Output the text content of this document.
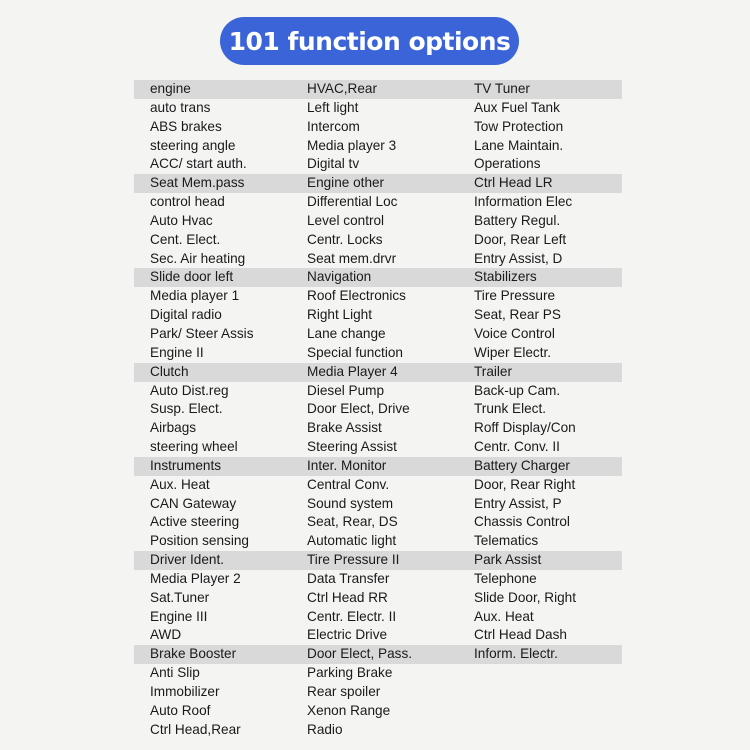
101 function options
engine	HVAC,Rear	TV Tuner
auto trans	Left light	Aux Fuel Tank
ABS brakes	Intercom	Tow Protection
steering angle	Media player 3	Lane Maintain.
ACC/ start auth.	Digital tv	Operations
Seat Mem.pass	Engine other	Ctrl Head LR
control head	Differential Loc	Information Elec
Auto Hvac	Level control	Battery Regul.
Cent. Elect.	Centr. Locks	Door, Rear Left
Sec. Air heating	Seat mem.drvr	Entry Assist, D
Slide door left	Navigation	Stabilizers
Media player 1	Roof Electronics	Tire Pressure
Digital radio	Right Light	Seat, Rear PS
Park/ Steer Assis	Lane change	Voice Control
Engine II	Special function	Wiper Electr.
Clutch	Media Player 4	Trailer
Auto Dist.reg	Diesel Pump	Back-up Cam.
Susp. Elect.	Door Elect, Drive	Trunk Elect.
Airbags	Brake Assist	Roff Display/Con
steering wheel	Steering Assist	Centr. Conv. II
Instruments	Inter. Monitor	Battery Charger
Aux. Heat	Central Conv.	Door, Rear Right
CAN Gateway	Sound system	Entry Assist, P
Active steering	Seat, Rear, DS	Chassis Control
Position sensing	Automatic light	Telematics
Driver Ident.	Tire Pressure II	Park Assist
Media Player 2	Data Transfer	Telephone
Sat.Tuner	Ctrl Head RR	Slide Door, Right
Engine III	Centr. Electr. II	Aux. Heat
AWD	Electric Drive	Ctrl Head Dash
Brake Booster	Door Elect, Pass.	Inform. Electr.
Anti Slip	Parking Brake
Immobilizer	Rear spoiler
Auto Roof	Xenon Range
Ctrl Head,Rear	Radio
